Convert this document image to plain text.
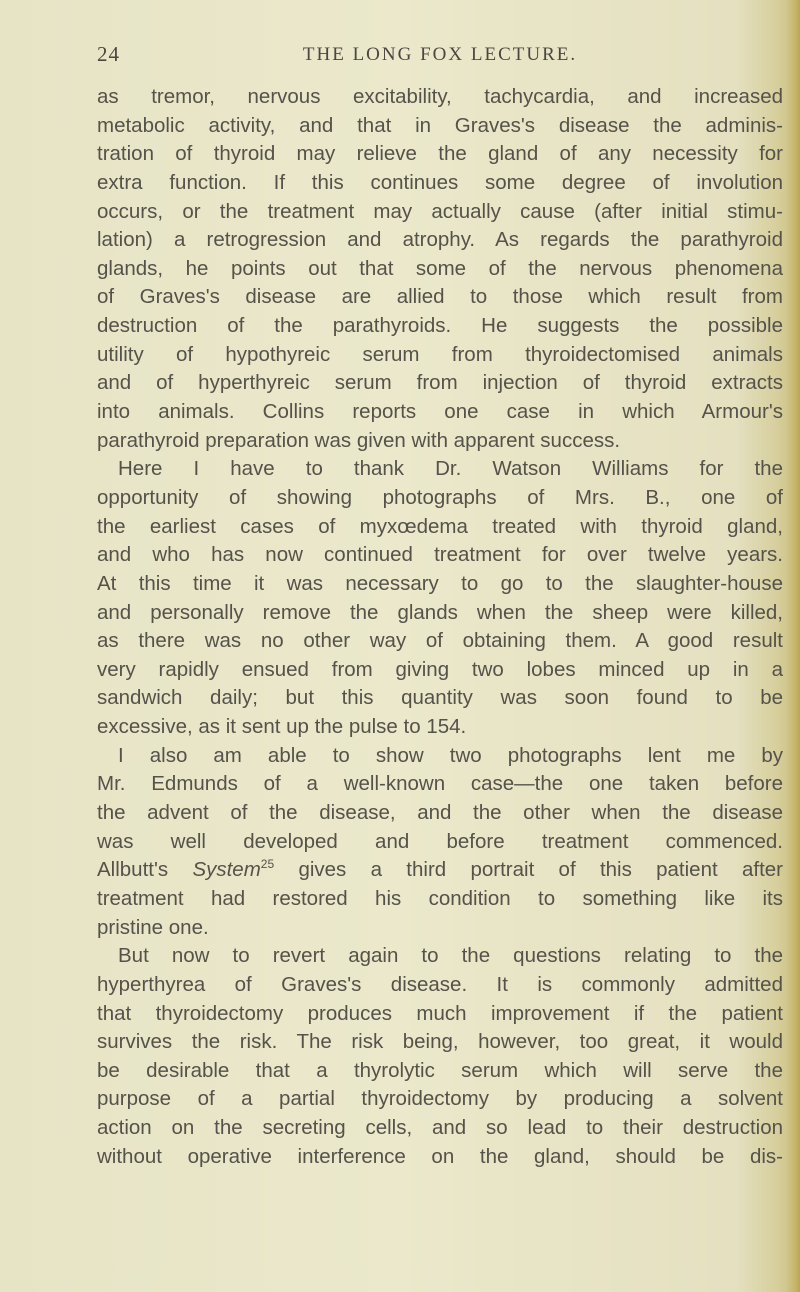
24	THE LONG FOX LECTURE.
as tremor, nervous excitability, tachycardia, and increased
metabolic activity, and that in Graves's disease the adminis-
tration of thyroid may relieve the gland of any necessity for
extra function. If this continues some degree of involution
occurs, or the treatment may actually cause (after initial stimu-
lation) a retrogression and atrophy. As regards the parathyroid
glands, he points out that some of the nervous phenomena
of Graves's disease are allied to those which result from
destruction of the parathyroids. He suggests the possible
utility of hypothyreic serum from thyroidectomised animals
and of hyperthyreic serum from injection of thyroid extracts
into animals. Collins reports one case in which Armour's
parathyroid preparation was given with apparent success.
Here I have to thank Dr. Watson Williams for the
opportunity of showing photographs of Mrs. B., one of
the earliest cases of myxœdema treated with thyroid gland,
and who has now continued treatment for over twelve years.
At this time it was necessary to go to the slaughter-house
and personally remove the glands when the sheep were killed,
as there was no other way of obtaining them. A good result
very rapidly ensued from giving two lobes minced up in a
sandwich daily; but this quantity was soon found to be
excessive, as it sent up the pulse to 154.
I also am able to show two photographs lent me by
Mr. Edmunds of a well-known case—the one taken before
the advent of the disease, and the other when the disease
was well developed and before treatment commenced.
Allbutt's System$^{25}$ gives a third portrait of this patient after
treatment had restored his condition to something like its
pristine one.
But now to revert again to the questions relating to the
hyperthyrea of Graves's disease. It is commonly admitted
that thyroidectomy produces much improvement if the patient
survives the risk. The risk being, however, too great, it would
be desirable that a thyrolytic serum which will serve the
purpose of a partial thyroidectomy by producing a solvent
action on the secreting cells, and so lead to their destruction
without operative interference on the gland, should be dis-
